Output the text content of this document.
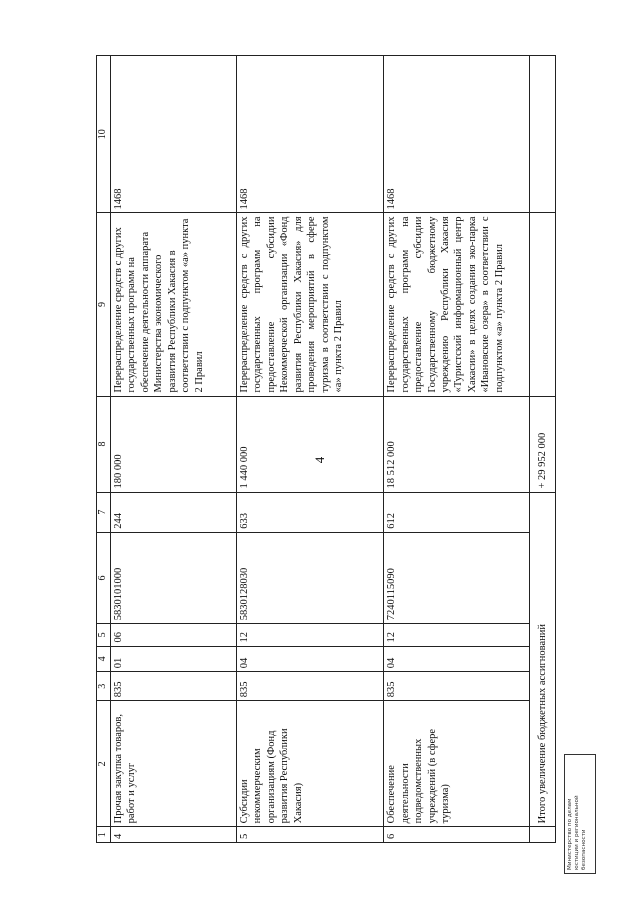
4
1	2	3	4	5	6	7	8	9	10
4	Прочая закупка товаров, работ и услуг	835	01	06	5830101000	244	180 000	Перераспределение средств с других государственных программ на обеспечение деятельности аппарата Министерства экономического развития Республики Хакасия в соответствии с подпунктом «а» пункта 2 Правил	1468
5	Субсидии некоммерческим организациям (Фонд развития Республики Хакасия)	835	04	12	5830128030	633	1 440 000	Перераспределение средств с других государственных программ на предоставление субсидии Некоммерческой организации «Фонд развития Республики Хакасия» для проведения мероприятий в сфере туризма в соответствии с подпунктом «а» пункта 2 Правил	1468
6	Обеспечение деятельности подведомственных учреждений (в сфере туризма)	835	04	12	7240115090	612	18 512 000	Перераспределение средств с других государственных программ на предоставление субсидии Государственному бюджетному учреждению Республики Хакасия «Туристский информационный центр Хакасии» в целях создания эко-парка «Ивановские озера» в соответствии с подпунктом «а» пункта 2 Правил	1468
	Итого увеличение бюджетных ассигнований						+ 29 952 000		
Министерство по делам юстиции и региональной безопасности
